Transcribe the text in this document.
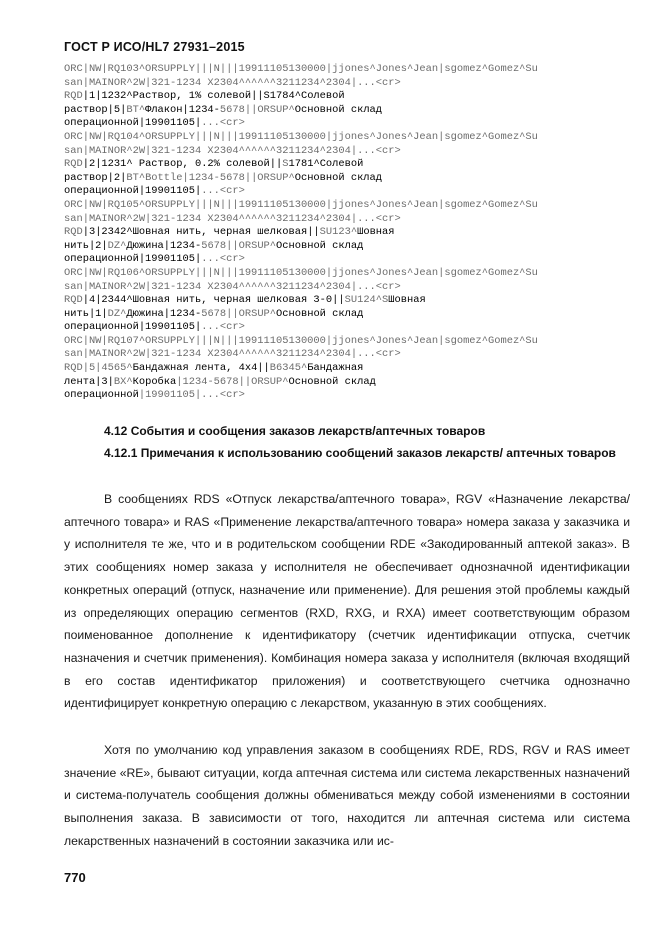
ГОСТ Р ИСО/HL7 27931–2015
ORC|NW|RQ103^ORSUPPLY|||N|||19911105130000|jjones^Jones^Jean|sgomez^Gomez^Su
san|MAINOR^2W|321-1234 X2304^^^^^^3211234^2304|...<cr>
RQD|1|1232^Раствор, 1% солевой||S1784^Солевой
раствор|5|BT^Флакон|1234-5678||ORSUP^Основной склад
операционной|19901105|...<cr>
ORC|NW|RQ104^ORSUPPLY|||N|||19911105130000|jjones^Jones^Jean|sgomez^Gomez^Su
san|MAINOR^2W|321-1234 X2304^^^^^^3211234^2304|...<cr>
RQD|2|1231^ Раствор, 0.2% солевой||S1781^Солевой
раствор|2|BT^Bottle|1234-5678||ORSUP^Основной склад
операционной|19901105|...<cr>
ORC|NW|RQ105^ORSUPPLY|||N|||19911105130000|jjones^Jones^Jean|sgomez^Gomez^Su
san|MAINOR^2W|321-1234 X2304^^^^^^3211234^2304|...<cr>
RQD|3|2342^Шовная нить, черная шелковая||SU123^Шовная
нить|2|DZ^Дюжина|1234-5678||ORSUP^Основной склад
операционной|19901105|...<cr>
ORC|NW|RQ106^ORSUPPLY|||N|||19911105130000|jjones^Jones^Jean|sgomez^Gomez^Su
san|MAINOR^2W|321-1234 X2304^^^^^^3211234^2304|...<cr>
RQD|4|2344^Шовная нить, черная шелковая 3-0||SU124^SШовная
нить|1|DZ^Дюжина|1234-5678||ORSUP^Основной склад
операционной|19901105|...<cr>
ORC|NW|RQ107^ORSUPPLY|||N|||19911105130000|jjones^Jones^Jean|sgomez^Gomez^Su
san|MAINOR^2W|321-1234 X2304^^^^^^3211234^2304|...<cr>
RQD|5|4565^Бандажная лента, 4x4||B6345^Бандажная
лента|3|BX^Коробка|1234-5678||ORSUP^Основной склад
операционной|19901105|...<cr>
4.12 События и сообщения заказов лекарств/аптечных товаров
4.12.1 Примечания к использованию сообщений заказов лекарств/ аптечных товаров

В сообщениях RDS «Отпуск лекарства/аптечного товара», RGV «Назначение лекарства/аптечного товара» и RAS «Применение лекарства/аптечного товара» номера заказа у заказчика и у исполнителя те же, что и в родительском сообщении RDE «Закодированный аптекой заказ». В этих сообщениях номер заказа у исполнителя не обеспечивает однозначной идентификации конкретных операций (отпуск, назначение или применение). Для решения этой проблемы каждый из определяющих операцию сегментов (RXD, RXG, и RXA) имеет соответствующим образом поименованное дополнение к идентификатору (счетчик идентификации отпуска, счетчик назначения и счетчик применения). Комбинация номера заказа у исполнителя (включая входящий в его состав идентификатор приложения) и соответствующего счетчика однозначно идентифицирует конкретную операцию с лекарством, указанную в этих сообщениях.

Хотя по умолчанию код управления заказом в сообщениях RDE, RDS, RGV и RAS имеет значение «RE», бывают ситуации, когда аптечная система или система лекарственных назначений и система-получатель сообщения должны обмениваться между собой изменениями в состоянии выполнения заказа. В зависимости от того, находится ли аптечная система или система лекарственных назначений в состоянии заказчика или ис-

770
